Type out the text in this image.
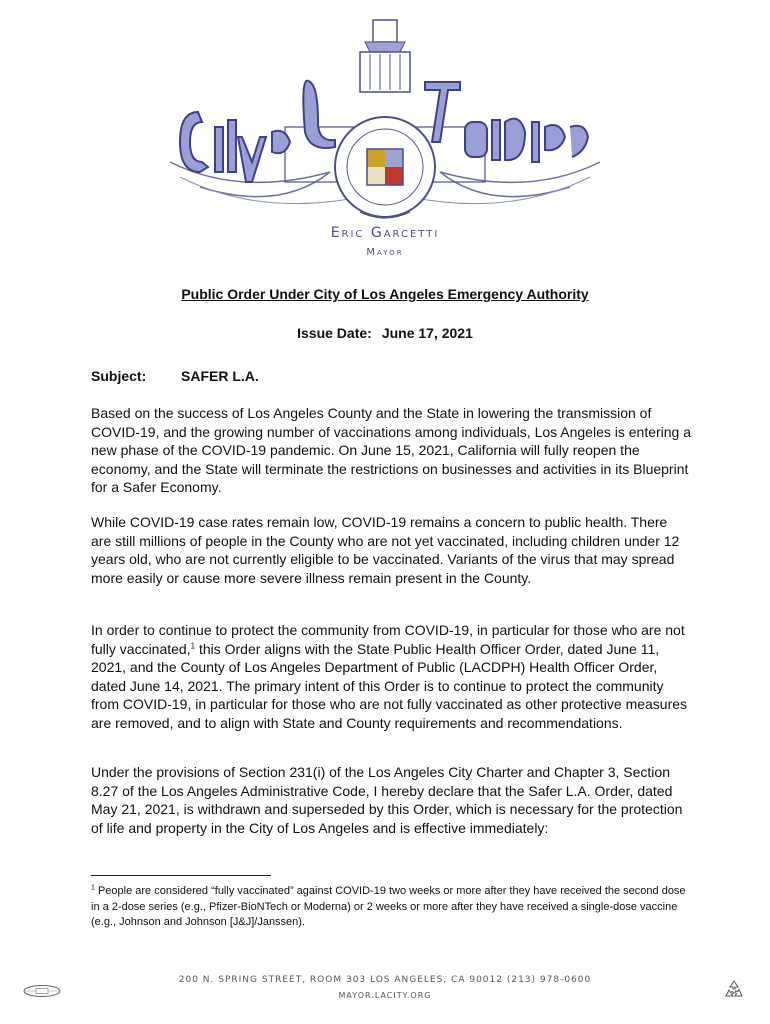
Eric Garcetti
Mayor
Public Order Under City of Los Angeles Emergency Authority
Issue Date: June 17, 2021
Subject: SAFER L.A.

Based on the success of Los Angeles County and the State in lowering the transmission of COVID-19, and the growing number of vaccinations among individuals, Los Angeles is entering a new phase of the COVID-19 pandemic. On June 15, 2021, California will fully reopen the economy, and the State will terminate the restrictions on businesses and activities in its Blueprint for a Safer Economy.

While COVID-19 case rates remain low, COVID-19 remains a concern to public health. There are still millions of people in the County who are not yet vaccinated, including children under 12 years old, who are not currently eligible to be vaccinated. Variants of the virus that may spread more easily or cause more severe illness remain present in the County.

In order to continue to protect the community from COVID-19, in particular for those who are not fully vaccinated,$^1$ this Order aligns with the State Public Health Officer Order, dated June 11, 2021, and the County of Los Angeles Department of Public (LACDPH) Health Officer Order, dated June 14, 2021. The primary intent of this Order is to continue to protect the community from COVID-19, in particular for those who are not fully vaccinated as other protective measures are removed, and to align with State and County requirements and recommendations.

Under the provisions of Section 231(i) of the Los Angeles City Charter and Chapter 3, Section 8.27 of the Los Angeles Administrative Code, I hereby declare that the Safer L.A. Order, dated May 21, 2021, is withdrawn and superseded by this Order, which is necessary for the protection of life and property in the City of Los Angeles and is effective immediately:

$^1$ People are considered “fully vaccinated” against COVID-19 two weeks or more after they have received the second dose in a 2-dose series (e.g., Pfizer-BioNTech or Moderna) or 2 weeks or more after they have received a single-dose vaccine (e.g., Johnson and Johnson [J&J]/Janssen).

200 N. SPRING STREET, ROOM 303 LOS ANGELES, CA 90012 (213) 978-0600
MAYOR.LACITY.ORG
